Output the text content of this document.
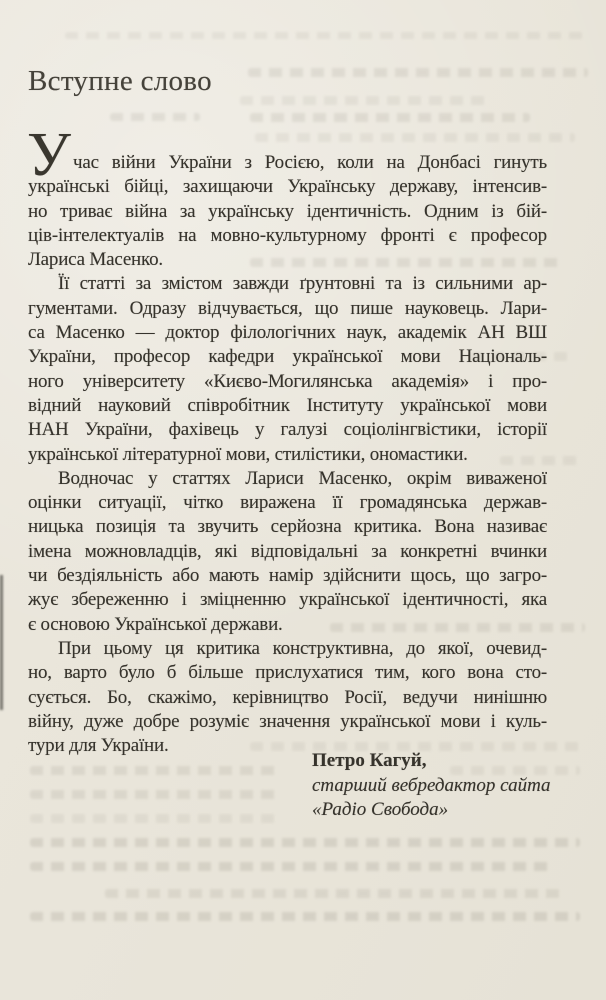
Вступне слово
У час війни України з Росією, коли на Донбасі гинуть
українські бійці, захищаючи Українську державу, інтенсив-
но триває війна за українську ідентичність. Одним із бій-
ців-інтелектуалів на мовно-культурному фронті є професор
Лариса Масенко.
Її статті за змістом завжди ґрунтовні та із сильними ар-
гументами. Одразу відчувається, що пише науковець. Лари-
са Масенко — доктор філологічних наук, академік АН ВШ
України, професор кафедри української мови Національ-
ного університету «Києво-Могилянська академія» і про-
відний науковий співробітник Інституту української мови
НАН України, фахівець у галузі соціолінгвістики, історії
української літературної мови, стилістики, ономастики.
Водночас у статтях Лариси Масенко, окрім виваженої
оцінки ситуації, чітко виражена її громадянська держав-
ницька позиція та звучить серйозна критика. Вона називає
імена можновладців, які відповідальні за конкретні вчинки
чи бездіяльність або мають намір здійснити щось, що загро-
жує збереженню і зміцненню української ідентичності, яка
є основою Української держави.
При цьому ця критика конструктивна, до якої, очевид-
но, варто було б більше прислухатися тим, кого вона сто-
сується. Бо, скажімо, керівництво Росії, ведучи нинішню
війну, дуже добре розуміє значення української мови і куль-
тури для України.
Петро Кагуй,
старший вебредактор сайта
«Радіо Свобода»
